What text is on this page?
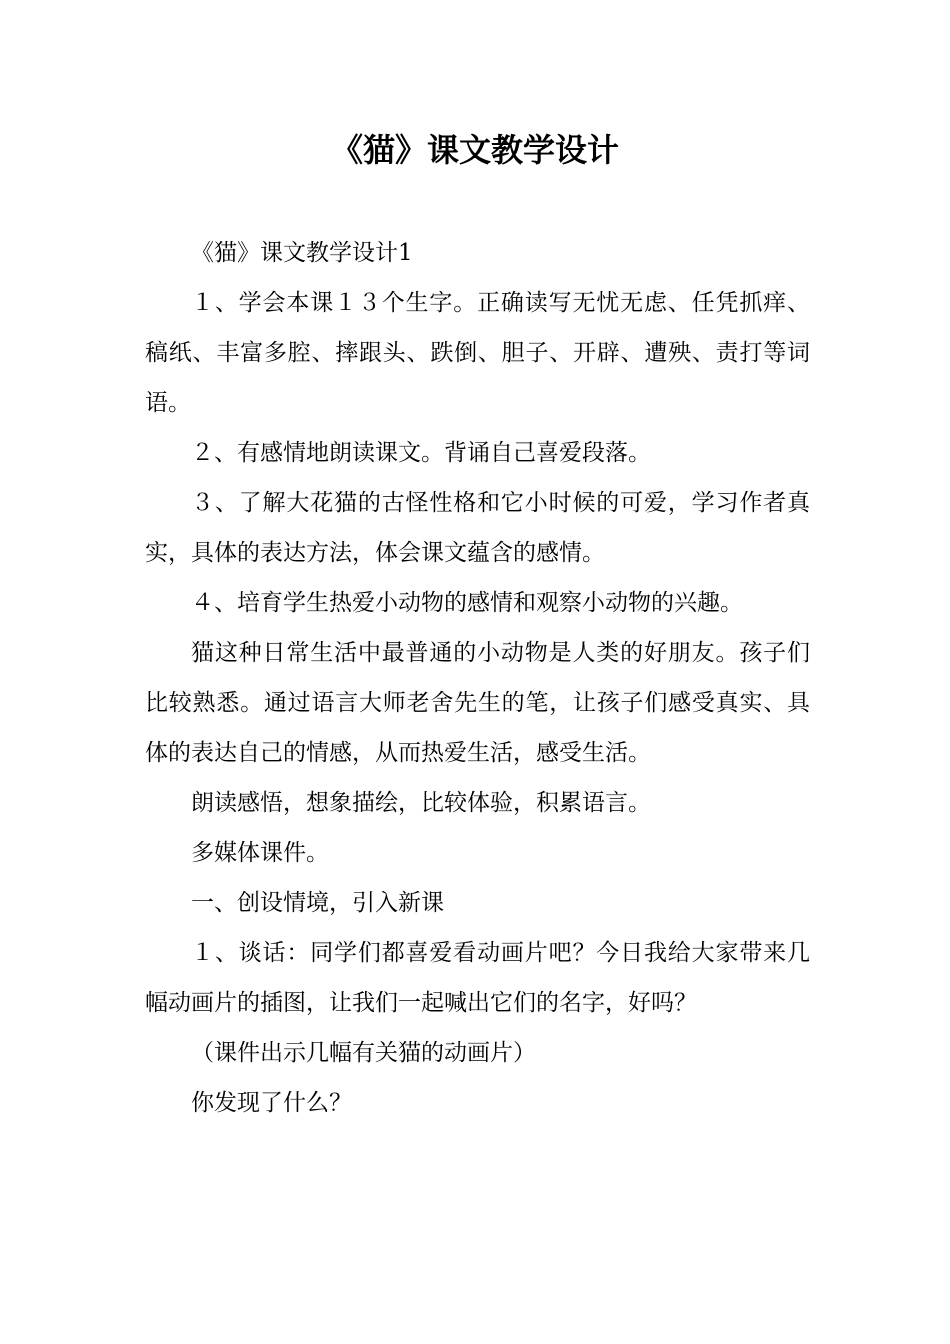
《猫》课文教学设计

《猫》课文教学设计1

１、学会本课１３个生字。正确读写无忧无虑、任凭抓痒、稿纸、丰富多腔、摔跟头、跌倒、胆子、开辟、遭殃、责打等词语。

２、有感情地朗读课文。背诵自己喜爱段落。

３、了解大花猫的古怪性格和它小时候的可爱，学习作者真实，具体的表达方法，体会课文蕴含的感情。

４、培育学生热爱小动物的感情和观察小动物的兴趣。

猫这种日常生活中最普通的小动物是人类的好朋友。孩子们比较熟悉。通过语言大师老舍先生的笔，让孩子们感受真实、具体的表达自己的情感，从而热爱生活，感受生活。

朗读感悟，想象描绘，比较体验，积累语言。

多媒体课件。

一、创设情境，引入新课

１、谈话：同学们都喜爱看动画片吧？今日我给大家带来几幅动画片的插图，让我们一起喊出它们的名字，好吗？

（课件出示几幅有关猫的动画片）

你发现了什么？
